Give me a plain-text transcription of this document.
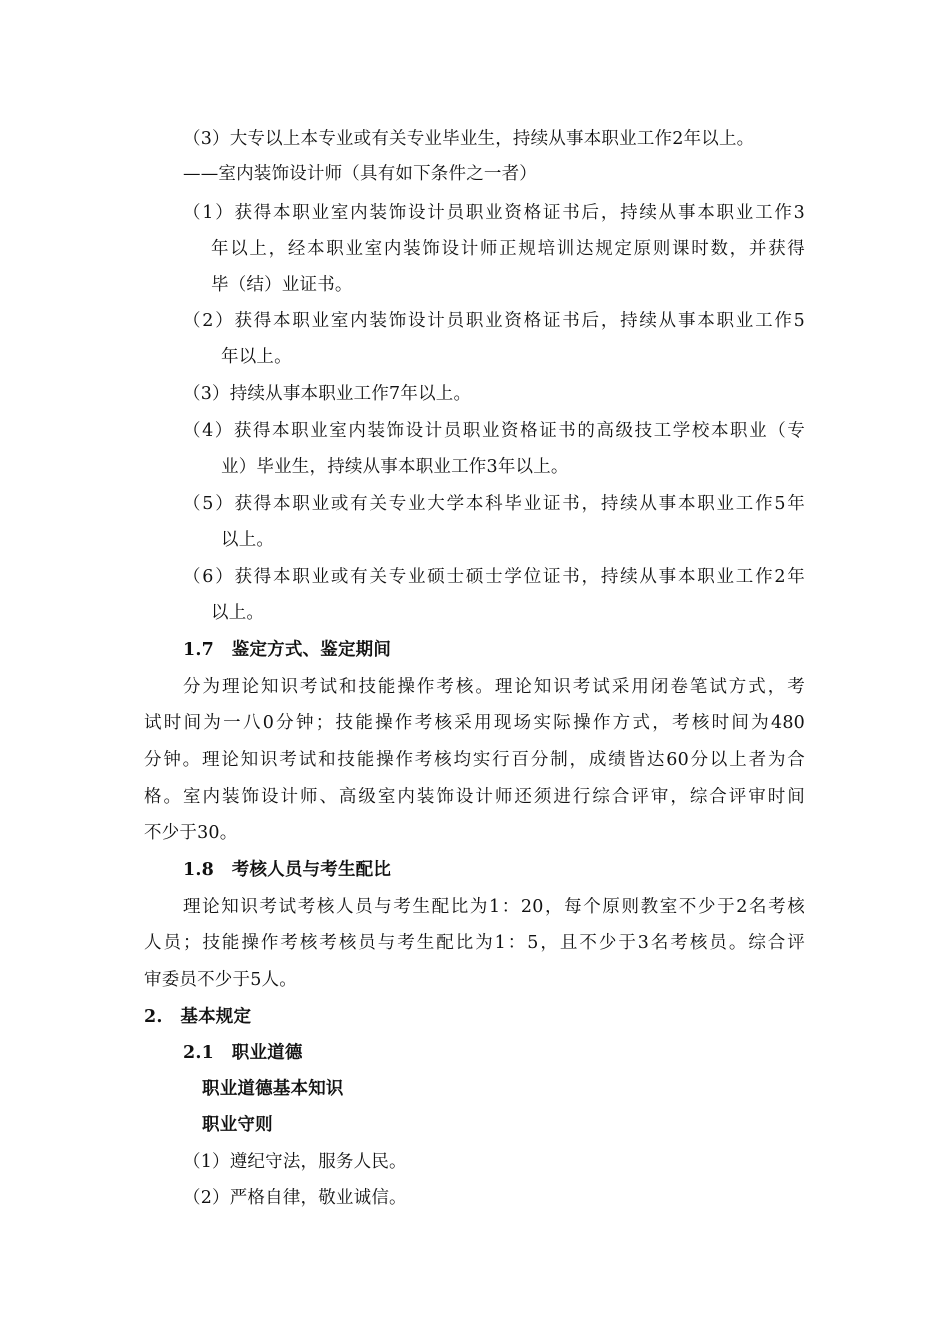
（3）大专以上本专业或有关专业毕业生，持续从事本职业工作2年以上。
——室内装饰设计师（具有如下条件之一者）
（1）获得本职业室内装饰设计员职业资格证书后，持续从事本职业工作3
年以上，经本职业室内装饰设计师正规培训达规定原则课时数，并获得
毕（结）业证书。
（2）获得本职业室内装饰设计员职业资格证书后，持续从事本职业工作5
年以上。
（3）持续从事本职业工作7年以上。
（4）获得本职业室内装饰设计员职业资格证书的高级技工学校本职业（专
业）毕业生，持续从事本职业工作3年以上。
（5）获得本职业或有关专业大学本科毕业证书，持续从事本职业工作5年
以上。
（6）获得本职业或有关专业硕士硕士学位证书，持续从事本职业工作2年
以上。
1.7　鉴定方式、鉴定期间
分为理论知识考试和技能操作考核。理论知识考试采用闭卷笔试方式，考
试时间为一八0分钟；技能操作考核采用现场实际操作方式，考核时间为480
分钟。理论知识考试和技能操作考核均实行百分制，成绩皆达60分以上者为合
格。室内装饰设计师、高级室内装饰设计师还须进行综合评审，综合评审时间
不少于30。
1.8　考核人员与考生配比
理论知识考试考核人员与考生配比为1：20，每个原则教室不少于2名考核
人员；技能操作考核考核员与考生配比为1：5，且不少于3名考核员。综合评
审委员不少于5人。
2.　基本规定
2.1　职业道德
职业道德基本知识
职业守则
（1）遵纪守法，服务人民。
（2）严格自律，敬业诚信。
